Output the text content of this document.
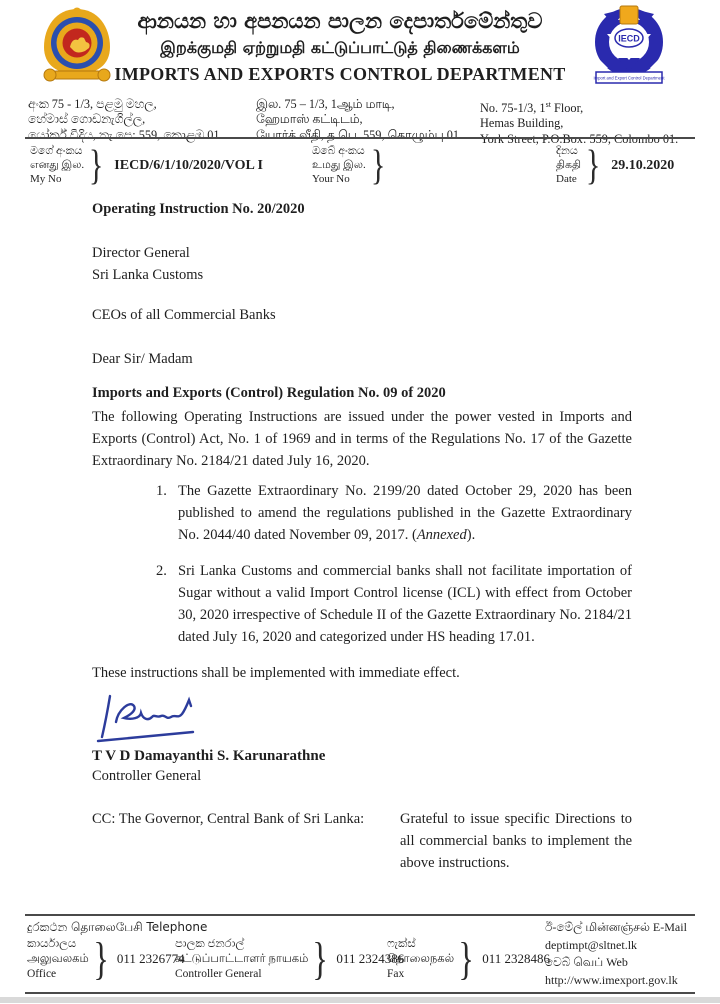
ආනයන හා අපනයන පාලන දෙපාර්තමේන්තුව
இறக்குமதி ஏற்றுமதி கட்டுப்பாட்டுத் திணைக்களம்
IMPORTS AND EXPORTS CONTROL DEPARTMENT
IECD
Import and Export Control Department
අංක 75 - 1/3, පළමු මහල,
හේමාස් ගොඩනැගිල්ල,
යෝර්ක් වීදිය, තැ.පෙ: 559, කොළඹ 01.
இல. 75 – 1/3, 1ஆம் மாடி,
ஹேமாஸ் கட்டிடம்,
யோர்க் வீதி, த.பெ. 559, கொழும்பு 01.
No. 75-1/3, 1st Floor,
Hemas Building,
York Street, P.O.Box: 559, Colombo 01.
මගේ අංකය
எனது இல.
My No } IECD/6/1/10/2020/VOL I
ඔබේ අංකය
உமது இல.
Your No }	දිනය
திகதி
Date } 29.10.2020
Operating Instruction No. 20/2020
Director General
Sri Lanka Customs
CEOs of all Commercial Banks
Dear Sir/ Madam
Imports and Exports (Control) Regulation No. 09 of 2020
The following Operating Instructions are issued under the power vested in Imports and Exports (Control) Act, No. 1 of 1969 and in terms of the Regulations No. 17 of the Gazette Extraordinary No. 2184/21 dated July 16, 2020.
1. The Gazette Extraordinary No. 2199/20 dated October 29, 2020 has been published to amend the regulations published in the Gazette Extraordinary No. 2044/40 dated November 09, 2017. (Annexed).
2. Sri Lanka Customs and commercial banks shall not facilitate importation of Sugar without a valid Import Control license (ICL) with effect from October 30, 2020 irrespective of Schedule II of the Gazette Extraordinary No. 2184/21 dated July 16, 2020 and categorized under HS heading 17.01.
These instructions shall be implemented with immediate effect.
T V D Damayanthi S. Karunarathne
Controller General
CC: The Governor, Central Bank of Sri Lanka: Grateful to issue specific Directions to all commercial banks to implement the above instructions.
දුරකථන தொலைபேசி Telephone
කාර්යාලය
அலுவலகம்
Office } 011 2326774
පාලක ජනරාල්
கட்டுப்பாட்டாளர் நாயகம்
Controller General	} 011 2324386
ෆැක්ස්
தொலைநகல்
Fax	} 011 2328486
ඊ-මේල් மின்னஞ்சல் E-Mail
deptimpt@sltnet.lk
වෙබ් வெப் Web
http://www.imexport.gov.lk
